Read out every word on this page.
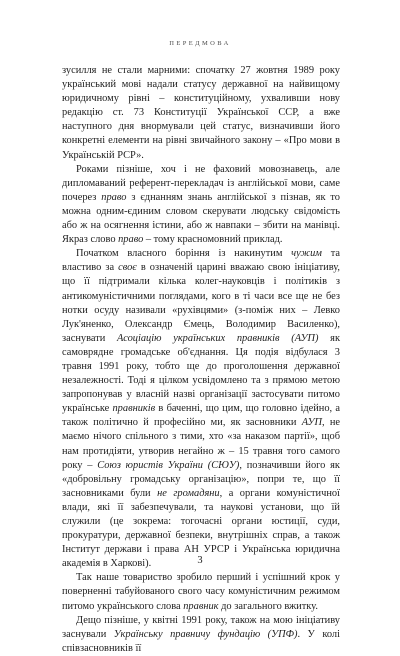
ПЕРЕДМОВА

зусилля не стали марними: спочатку 27 жовтня 1989 року український мові надали статусу державної на найвищому юридичному рівні – конституційному, ухваливши нову редакцію ст. 73 Конституції Української ССР, а вже наступного дня внормували цей статус, визначивши його конкретні елементи на рівні звичайного закону – «Про мови в Українській РСР».

Роками пізніше, хоч і не фаховий мовознавець, але дипломаваний референт-перекладач із англійської мови, саме почерез право з єднанням знань англійської з пізнав, як то можна одним-єдиним словом скерувати людську свідомість або ж на осягнення істини, або ж навпаки – збити на манівці. Якраз слово право – тому красномовний приклад.

Початком власного боріння із накинутим чужим та властиво за своє в означеній царині вважаю свою ініціативу, що її підтримали кілька колег-науковців і політиків з антикомуністичними поглядами, кого в ті часи все ще не без нотки осуду називали «рухівцями» (з-поміж них – Левко Лук'яненко, Олександр Ємець, Володимир Василенко), заснувати Асоціацію українських правників (АУП) як самоврядне громадське об'єднання. Ця подія відбулася 3 травня 1991 року, тобто ще до проголошення державної незалежності. Тоді я цілком усвідомлено та з прямою метою запропонував у власній назві організації застосувати питомо українське правників в баченні, що цим, що головно ідейно, а також політично й професійно ми, як засновники АУП, не маємо нічого спільного з тими, хто «за наказом партії», щоб нам протидіяти, утворив негайно ж – 15 травня того самого року – Союз юристів України (СЮУ), позначивши його як «добровільну громадську організацію», попри те, що її засновниками були не громадяни, а органи комуністичної влади, які її забезпечували, та наукові установи, що їй служили (це зокрема: тогочасні органи юстиції, суди, прокуратури, державної безпеки, внутрішніх справ, а також Інститут держави і права АН УРСР і Українська юридична академія в Харкові).

Так наше товариство зробило перший і успішний крок у поверненні табуйованого свого часу комуністичним режимом питомо українського слова правник до загального вжитку.

Дещо пізніше, у квітні 1991 року, також на мою ініціативу заснували Українську правничу фундацію (УПФ). У колі співзасновників її

3
